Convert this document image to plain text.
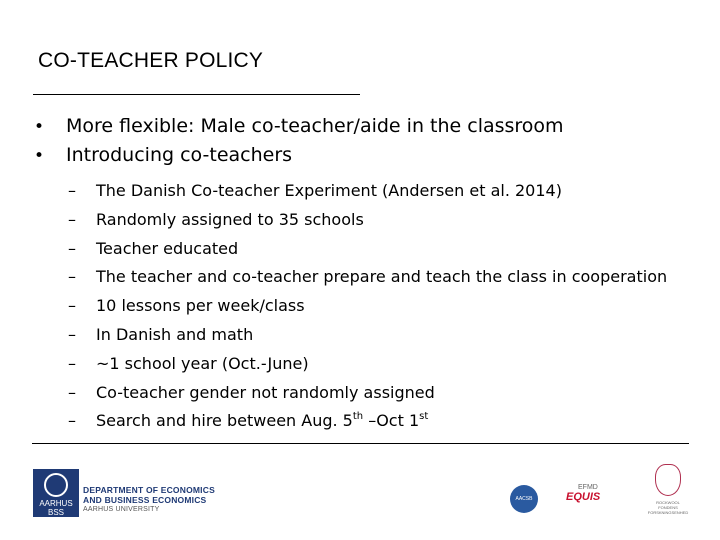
CO-TEACHER POLICY
•	More flexible: Male co-teacher/aide in the classroom
•	Introducing co-teachers
–	The Danish Co-teacher Experiment (Andersen et al. 2014)
–	Randomly assigned to 35 schools
–	Teacher educated
–	The teacher and co-teacher prepare and teach the class in cooperation
–	10 lessons per week/class
–	In Danish and math
–	~1 school year (Oct.-June)
–	Co-teacher gender not randomly assigned
–	Search and hire between Aug. 5th –Oct 1st
AARHUS BSS
DEPARTMENT OF ECONOMICS
AND BUSINESS ECONOMICS
AARHUS UNIVERSITY
AACSB
EFMD
EQUIS	ROCKWOOL FONDENS FORSKNINGSENHED
